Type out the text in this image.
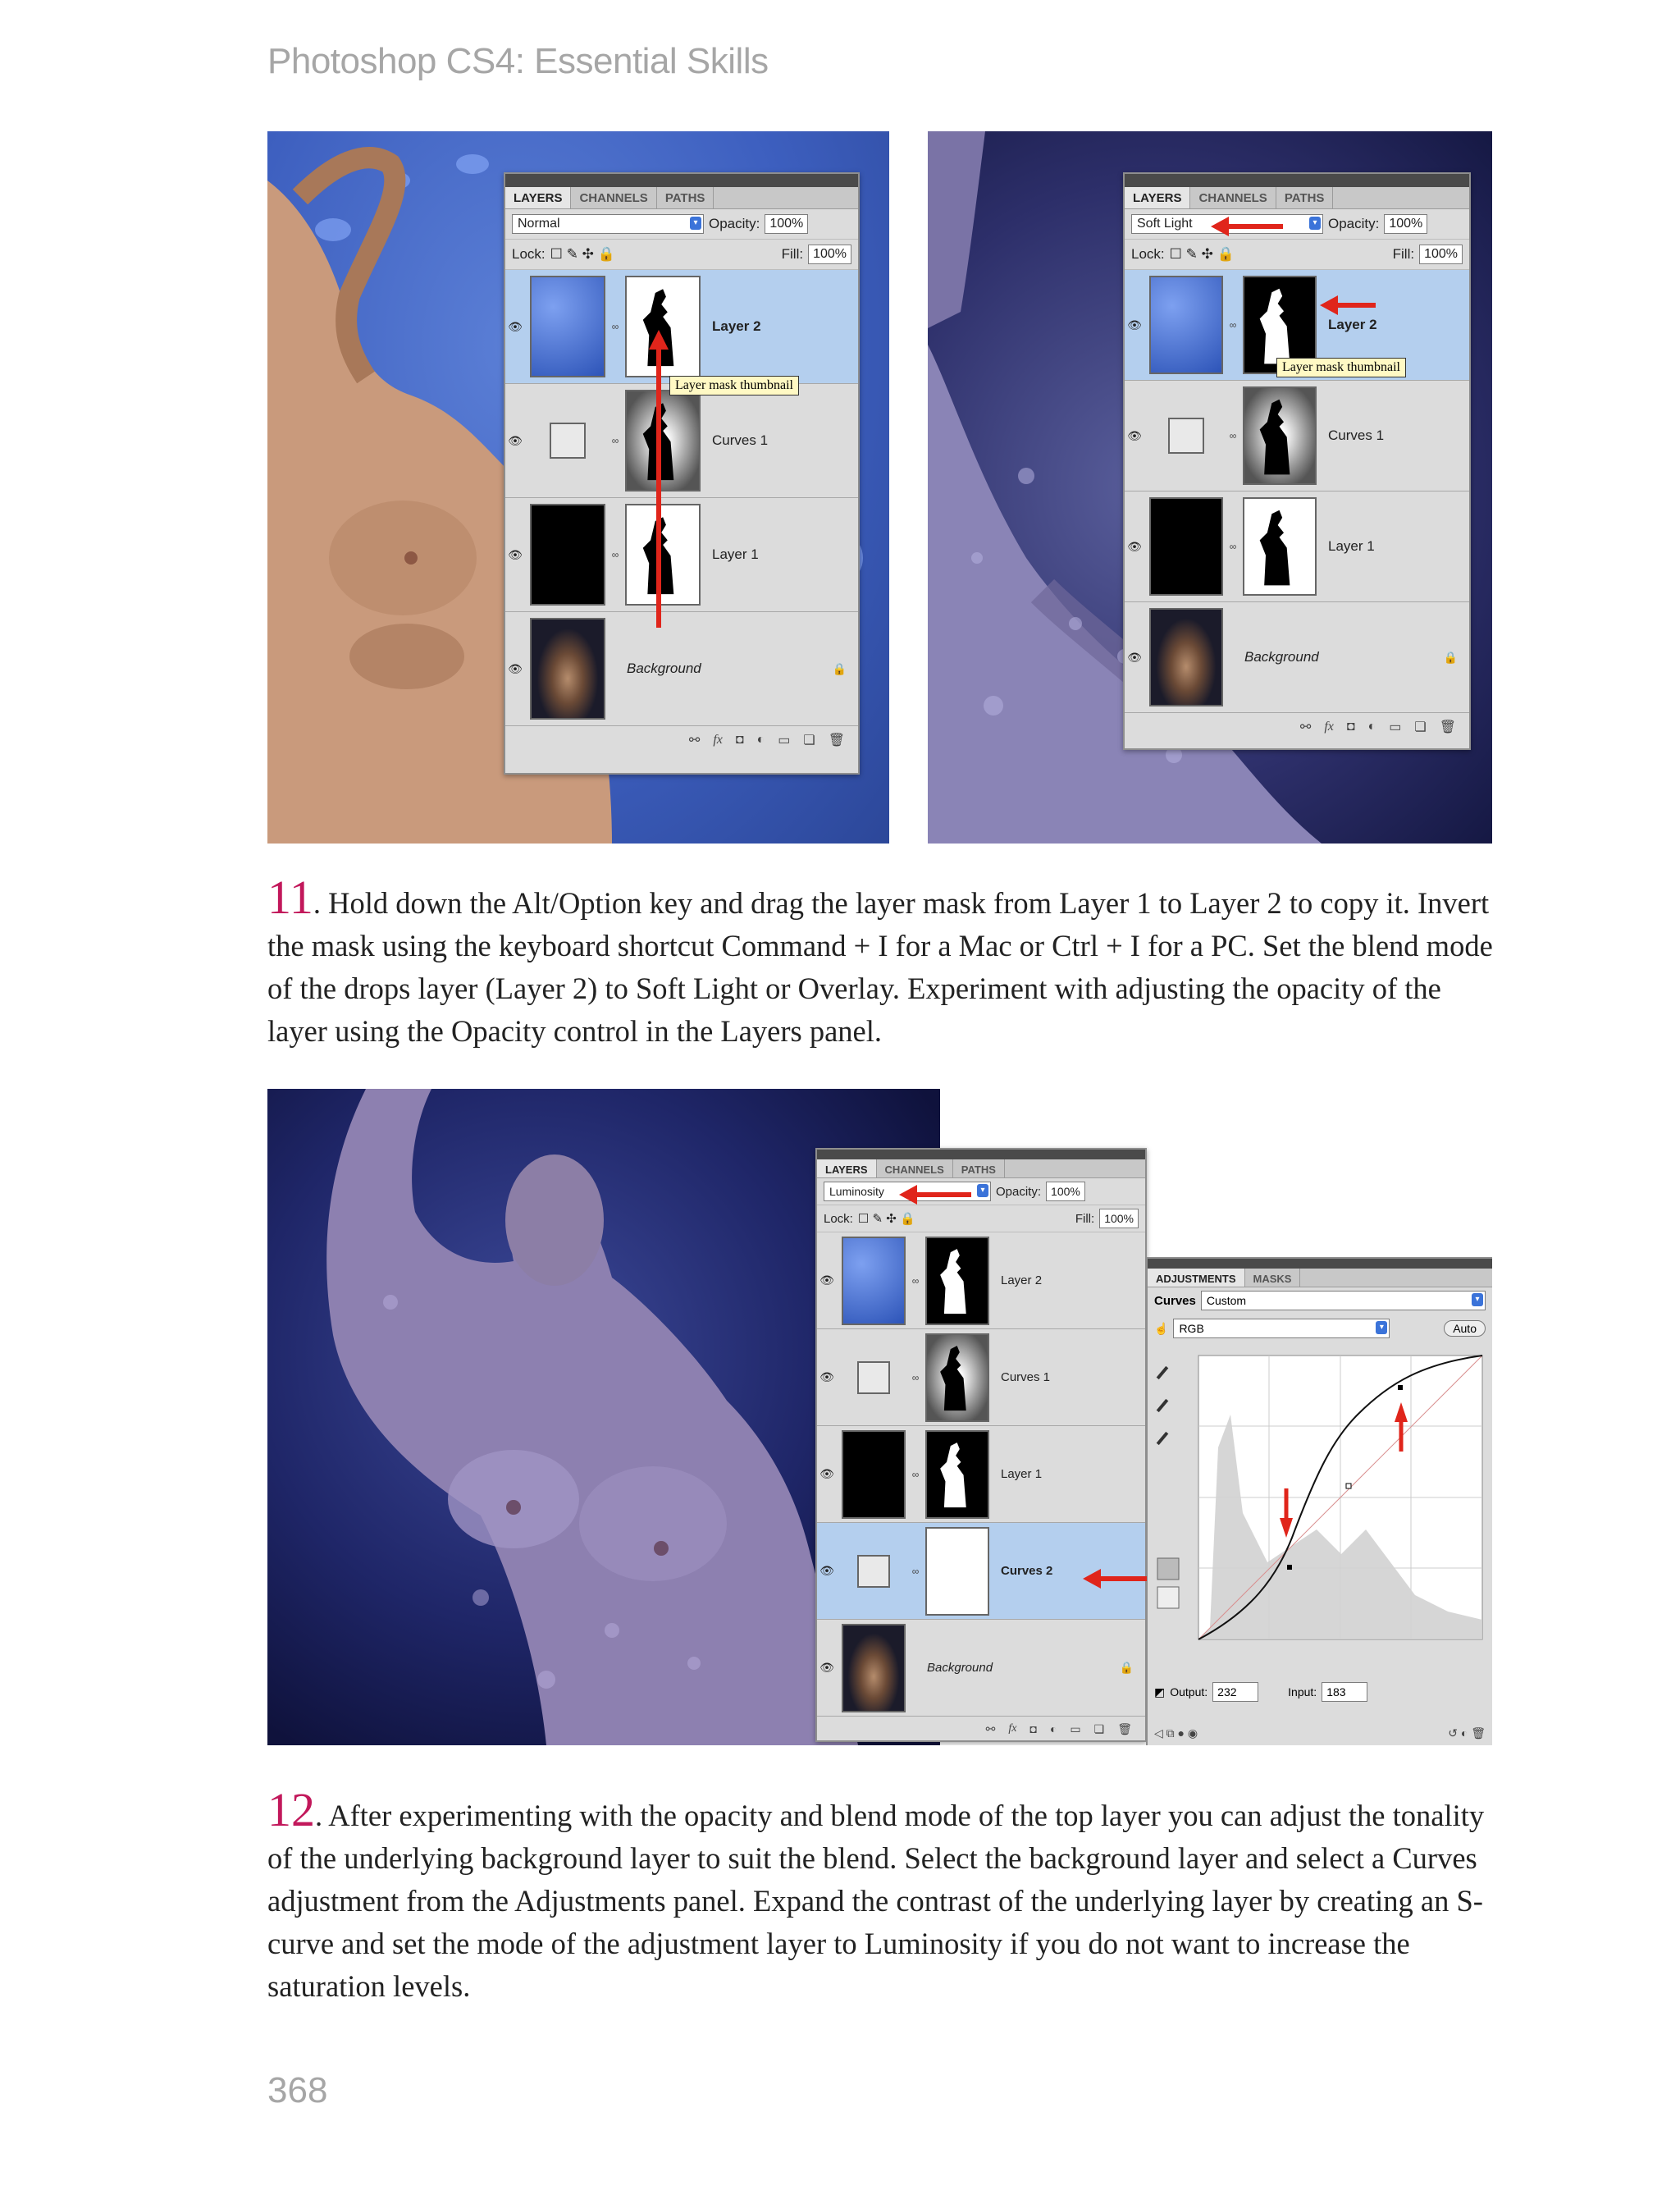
Photoshop CS4: Essential Skills
LAYERS	CHANNELS	PATHS
Normal	▾ Opacity: 100%
Lock: ☐ ✎ ✣ 🔒	Fill: 100%
👁	∞	Layer 2
👁	∞	Curves 1
👁	∞	Layer 1
👁	Background	🔒
⚯ fx ◘ ◐ ▭ ❏ 🗑
Layer mask thumbnail
LAYERS	CHANNELS	PATHS
Soft Light	▾ Opacity: 100%
Lock: ☐ ✎ ✣ 🔒	Fill: 100%
👁	∞	Layer 2
👁	∞	Curves 1
👁	∞	Layer 1
👁	Background	🔒
⚯ fx ◘ ◐ ▭ ❏ 🗑
Layer mask thumbnail
11. Hold down the Alt/Option key and drag the layer mask from Layer 1 to Layer 2 to copy it. Invert the mask using the keyboard shortcut Command + I for a Mac or Ctrl + I for a PC. Set the blend mode of the drops layer (Layer 2) to Soft Light or Overlay. Experiment with adjusting the opacity of the layer using the Opacity control in the Layers panel.
LAYERS	CHANNELS	PATHS
Luminosity	▾ Opacity: 100%
Lock: ☐ ✎ ✣ 🔒	Fill: 100%
👁	∞	Layer 2
👁	∞	Curves 1
👁	∞	Layer 1
👁	∞	Curves 2
👁	Background	🔒
⚯ fx ◘ ◐ ▭ ❏ 🗑
ADJUSTMENTS	MASKS
Curves Custom	▾
☝ RGB	▾	Auto
◩ Output: 232	Input: 183
◁ ⧉ ● ◉	↺ ◐ 🗑
12. After experimenting with the opacity and blend mode of the top layer you can adjust the tonality of the underlying background layer to suit the blend. Select the background layer and select a Curves adjustment from the Adjustments panel. Expand the contrast of the underlying layer by creating an S-curve and set the mode of the adjustment layer to Luminosity if you do not want to increase the saturation levels.
368
